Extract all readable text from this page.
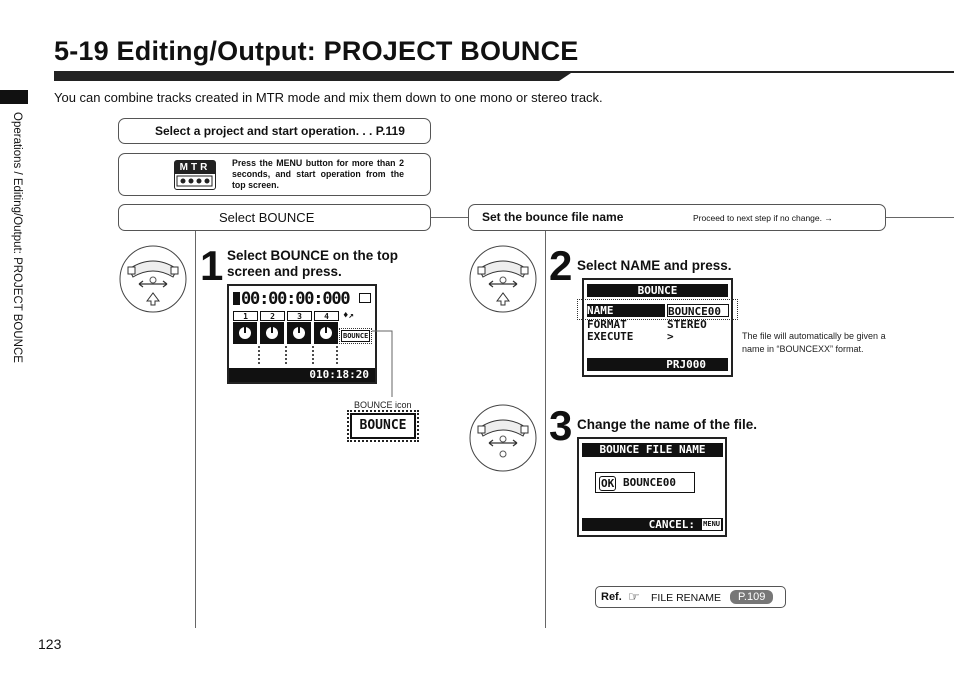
5-19 Editing/Output: PROJECT BOUNCE
Operations / Editing/Output: PROJECT BOUNCE
You can combine tracks created in MTR mode and mix them down to one mono or stereo track.
Select a project and start operation. . . P.119
MTR	Press the MENU button for more than 2 seconds, and start operation from the top screen.
Select BOUNCE	Set the bounce file name	Proceed to next step if no change. →
1 Select BOUNCE on the top
screen and press.
00:00:00:000
1	2	3	4	♦↗
BOUNCE
010:18:20
BOUNCE icon
BOUNCE
2 Select NAME and press.
BOUNCE
NAME	BOUNCE00
FORMAT	STEREO
EXECUTE	>
PRJ000
The file will automatically be given a name in “BOUNCEXX” format.
3 Change the name of the file.
BOUNCE FILE NAME
OK BOUNCE00
CANCEL: MENU
Ref. ☞ FILE RENAME	P.109
123
